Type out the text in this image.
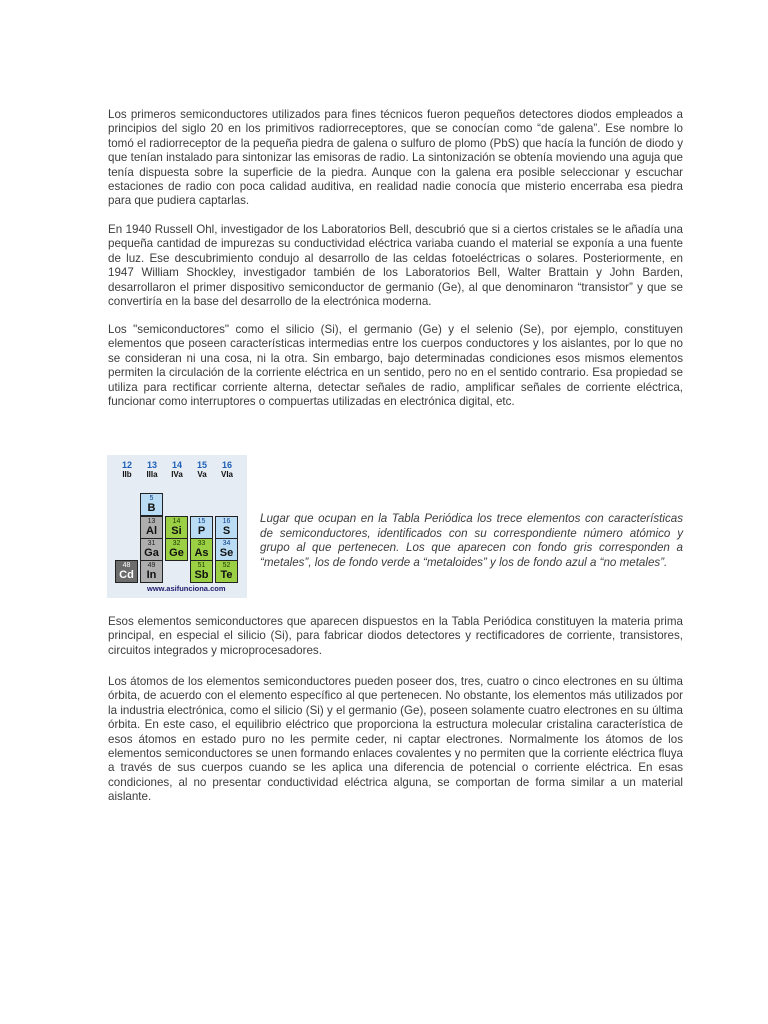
Los primeros semiconductores utilizados para fines técnicos fueron pequeños detectores diodos empleados a principios del siglo 20 en los primitivos radiorreceptores, que se conocían como “de galena”. Ese nombre lo tomó el radiorreceptor de la pequeña piedra de galena o sulfuro de plomo (PbS) que hacía la función de diodo y que tenían instalado para sintonizar las emisoras de radio. La sintonización se obtenía moviendo una aguja que tenía dispuesta sobre la superficie de la piedra. Aunque con la galena era posible seleccionar y escuchar estaciones de radio con poca calidad auditiva, en realidad nadie conocía que misterio encerraba esa piedra para que pudiera captarlas.

En 1940 Russell Ohl, investigador de los Laboratorios Bell, descubrió que si a ciertos cristales se le añadía una pequeña cantidad de impurezas su conductividad eléctrica variaba cuando el material se exponía a una fuente de luz. Ese descubrimiento condujo al desarrollo de las celdas fotoeléctricas o solares. Posteriormente, en 1947 William Shockley, investigador también de los Laboratorios Bell, Walter Brattain y John Barden, desarrollaron el primer dispositivo semiconductor de germanio (Ge), al que denominaron “transistor” y que se convertiría en la base del desarrollo de la electrónica moderna.

Los "semiconductores" como el silicio (Si), el germanio (Ge) y el selenio (Se), por ejemplo, constituyen elementos que poseen características intermedias entre los cuerpos conductores y los aislantes, por lo que no se consideran ni una cosa, ni la otra. Sin embargo, bajo determinadas condiciones esos mismos elementos permiten la circulación de la corriente eléctrica en un sentido, pero no en el sentido contrario. Esa propiedad se utiliza para rectificar corriente alterna, detectar señales de radio, amplificar señales de corriente eléctrica, funcionar como interruptores o compuertas utilizadas en electrónica digital, etc.

12
IIb
13
IIIa
14
IVa
15
Va
16
VIa
5
B
13
Al
14
Si
15
P
16
S
31
Ga
32
Ge
33
As
34
Se
48
Cd
49
In
51
Sb
52
Te
www.asifunciona.com

Lugar que ocupan en la Tabla Periódica los trece elementos con características de semiconductores, identificados con su correspondiente número atómico y grupo al que pertenecen. Los que aparecen con fondo gris corresponden a “metales”, los de fondo verde a “metaloides” y los de fondo azul a “no metales”.

Esos elementos semiconductores que aparecen dispuestos en la Tabla Periódica constituyen la materia prima principal, en especial el silicio (Si), para fabricar diodos detectores y rectificadores de corriente, transistores, circuitos integrados y microprocesadores.

Los átomos de los elementos semiconductores pueden poseer dos, tres, cuatro o cinco electrones en su última órbita, de acuerdo con el elemento específico al que pertenecen. No obstante, los elementos más utilizados por la industria electrónica, como el silicio (Si) y el germanio (Ge), poseen solamente cuatro electrones en su última órbita. En este caso, el equilibrio eléctrico que proporciona la estructura molecular cristalina característica de esos átomos en estado puro no les permite ceder, ni captar electrones. Normalmente los átomos de los elementos semiconductores se unen formando enlaces covalentes y no permiten que la corriente eléctrica fluya a través de sus cuerpos cuando se les aplica una diferencia de potencial o corriente eléctrica. En esas condiciones, al no presentar conductividad eléctrica alguna, se comportan de forma similar a un material aislante.
